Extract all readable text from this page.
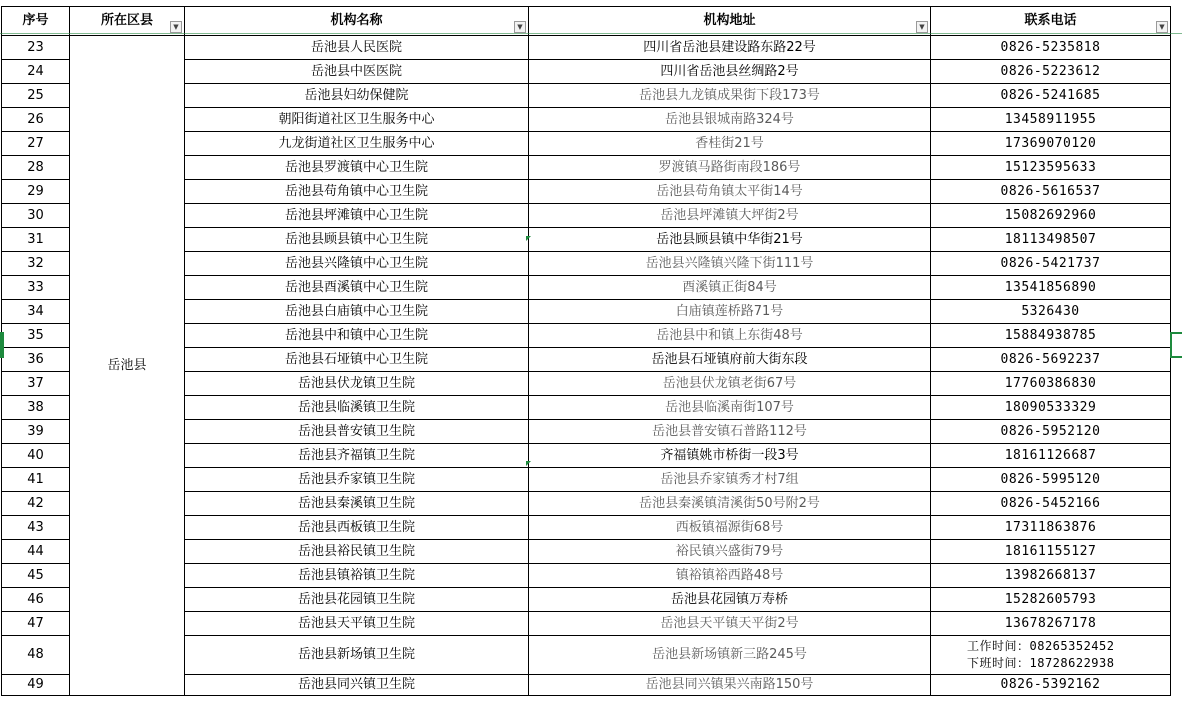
序号	所在区县 ▼	机构名称 ▼	机构地址 ▼	联系电话 ▼

23	岳池县	岳池县人民医院	四川省岳池县建设路东路22号	0826-5235818
24		岳池县中医医院	四川省岳池县丝绸路2号	0826-5223612
25		岳池县妇幼保健院	岳池县九龙镇成果街下段173号	0826-5241685
26		朝阳街道社区卫生服务中心	岳池县银城南路324号	13458911955
27		九龙街道社区卫生服务中心	香桂街21号	17369070120
28		岳池县罗渡镇中心卫生院	罗渡镇马路街南段186号	15123595633
29		岳池县苟角镇中心卫生院	岳池县苟角镇太平街14号	0826-5616537
30		岳池县坪滩镇中心卫生院	岳池县坪滩镇大坪街2号	15082692960
31		岳池县顾县镇中心卫生院	岳池县顾县镇中华街21号	18113498507
32		岳池县兴隆镇中心卫生院	岳池县兴隆镇兴隆下街111号	0826-5421737
33		岳池县酉溪镇中心卫生院	酉溪镇正街84号	13541856890
34		岳池县白庙镇中心卫生院	白庙镇莲桥路71号	5326430
35		岳池县中和镇中心卫生院	岳池县中和镇上东街48号	15884938785
36		岳池县石垭镇中心卫生院	岳池县石垭镇府前大街东段	0826-5692237
37		岳池县伏龙镇卫生院	岳池县伏龙镇老街67号	17760386830
38		岳池县临溪镇卫生院	岳池县临溪南街107号	18090533329
39		岳池县普安镇卫生院	岳池县普安镇石普路112号	0826-5952120
40		岳池县齐福镇卫生院	齐福镇姚市桥街一段3号	18161126687
41		岳池县乔家镇卫生院	岳池县乔家镇秀才村7组	0826-5995120
42		岳池县秦溪镇卫生院	岳池县秦溪镇清溪街50号附2号	0826-5452166
43		岳池县西板镇卫生院	西板镇福源街68号	17311863876
44		岳池县裕民镇卫生院	裕民镇兴盛街79号	18161155127
45		岳池县镇裕镇卫生院	镇裕镇裕西路48号	13982668137
46		岳池县花园镇卫生院	岳池县花园镇万寿桥	15282605793
47		岳池县天平镇卫生院	岳池县天平镇天平街2号	13678267178
48		岳池县新场镇卫生院	岳池县新场镇新三路245号	工作时间：08265352452
下班时间：18728622938

49		岳池县同兴镇卫生院	岳池县同兴镇果兴南路150号	0826-5392162
